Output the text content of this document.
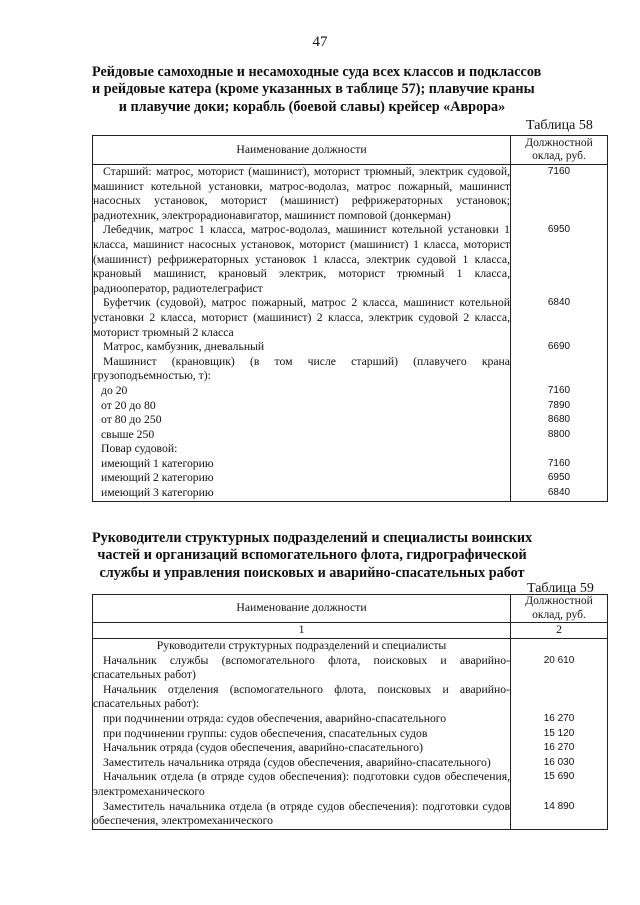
47
Рейдовые самоходные и несамоходные суда всех классов и подклассов
и рейдовые катера (кроме указанных в таблице 57); плавучие краны
и плавучие доки; корабль (боевой славы) крейсер «Аврора»
Таблица 58
Наименование должности	Должностной
оклад, руб.

Старший: матрос, моторист (машинист), моторист трюмный, электрик судовой, машинист котельной установки, матрос-водолаз, матрос пожарный, машинист насосных установок, моторист (машинист) рефрижераторных установок; радиотехник, электрорадионавигатор, машинист помповой (донкерман)	7160

Лебедчик, матрос 1 класса, матрос-водолаз, машинист котельной установки 1 класса, машинист насосных установок, моторист (машинист) 1 класса, моторист (машинист) рефрижераторных установок 1 класса, электрик судовой 1 класса, крановый машинист, крановый электрик, моторист трюмный 1 класса, радиооператор, радиотелеграфист	6950

Буфетчик (судовой), матрос пожарный, матрос 2 класса, машинист котельной установки 2 класса, моторист (машинист) 2 класса, электрик судовой 2 класса, моторист трюмный 2 класса	6840

Матрос, камбузник, дневальный	6690

Машинист (крановщик) (в том числе старший) (плавучего крана грузоподъемностью, т):	

до 20	7160

от 20 до 80	7890

от 80 до 250	8680

свыше 250	8800

Повар судовой:	

имеющий 1 категорию	7160

имеющий 2 категорию	6950

имеющий 3 категорию	6840
Руководители структурных подразделений и специалисты воинских
частей и организаций вспомогательного флота, гидрографической
службы и управления поисковых и аварийно-спасательных работ
Таблица 59
Наименование должности	Должностной
оклад, руб.

1	2

Руководители структурных подразделений и специалисты	

Начальник службы (вспомогательного флота, поисковых и аварийно-спасательных работ)	20 610

Начальник отделения (вспомогательного флота, поисковых и аварийно-спасательных работ):	

при подчинении отряда: судов обеспечения, аварийно-спасательного	16 270

при подчинении группы: судов обеспечения, спасательных судов	15 120

Начальник отряда (судов обеспечения, аварийно-спасательного)	16 270

Заместитель начальника отряда (судов обеспечения, аварийно-спасательного)	16 030

Начальник отдела (в отряде судов обеспечения): подготовки судов обеспечения, электромеханического	15 690

Заместитель начальника отдела (в отряде судов обеспечения): подготовки судов обеспечения, электромеханического	14 890
